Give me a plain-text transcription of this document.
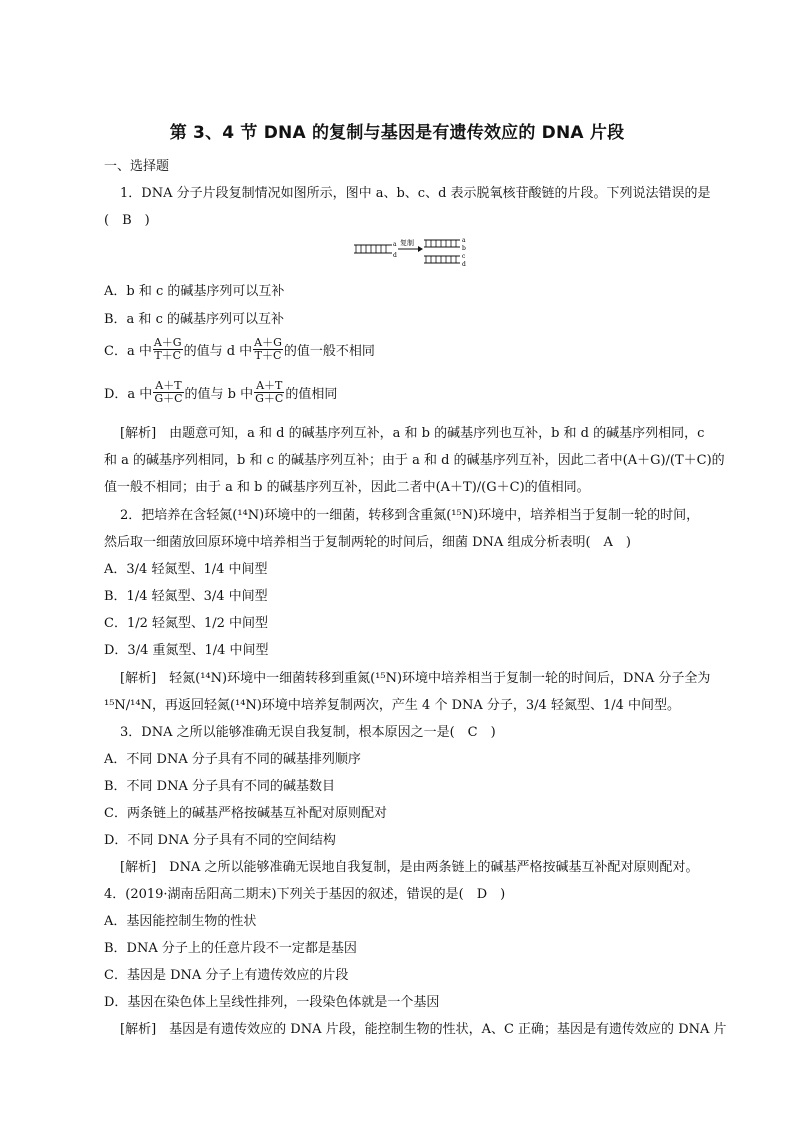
第 3、4 节 DNA 的复制与基因是有遗传效应的 DNA 片段
一、选择题
1．DNA 分子片段复制情况如图所示，图中 a、b、c、d 表示脱氧核苷酸链的片段。下列说法错误的是
(　B　)
a
d
复制	a
b
c
d
A．b 和 c 的碱基序列可以互补
B．a 和 c 的碱基序列可以互补
C．a 中 $\frac{A+G}{T+C}$ 的值与 d 中 $\frac{A+G}{T+C}$ 的值一般不相同
D．a 中 $\frac{A+T}{G+C}$ 的值与 b 中 $\frac{A+T}{G+C}$ 的值相同
[解析]　由题意可知，a 和 d 的碱基序列互补，a 和 b 的碱基序列也互补，b 和 d 的碱基序列相同，c
和 a 的碱基序列相同，b 和 c 的碱基序列互补；由于 a 和 d 的碱基序列互补，因此二者中(A＋G)/(T＋C)的
值一般不相同；由于 a 和 b 的碱基序列互补，因此二者中(A＋T)/(G＋C)的值相同。
2．把培养在含轻氮(¹⁴N)环境中的一细菌，转移到含重氮(¹⁵N)环境中，培养相当于复制一轮的时间，
然后取一细菌放回原环境中培养相当于复制两轮的时间后，细菌 DNA 组成分析表明(　A　)
A．3/4 轻氮型、1/4 中间型
B．1/4 轻氮型、3/4 中间型
C．1/2 轻氮型、1/2 中间型
D．3/4 重氮型、1/4 中间型
[解析]　轻氮(¹⁴N)环境中一细菌转移到重氮(¹⁵N)环境中培养相当于复制一轮的时间后，DNA 分子全为
¹⁵N/¹⁴N，再返回轻氮(¹⁴N)环境中培养复制两次，产生 4 个 DNA 分子，3/4 轻氮型、1/4 中间型。
3．DNA 之所以能够准确无误自我复制，根本原因之一是(　C　)
A．不同 DNA 分子具有不同的碱基排列顺序
B．不同 DNA 分子具有不同的碱基数目
C．两条链上的碱基严格按碱基互补配对原则配对
D．不同 DNA 分子具有不同的空间结构
[解析]　DNA 之所以能够准确无误地自我复制，是由两条链上的碱基严格按碱基互补配对原则配对。
4．(2019·湖南岳阳高二期末)下列关于基因的叙述，错误的是(　D　)
A．基因能控制生物的性状
B．DNA 分子上的任意片段不一定都是基因
C．基因是 DNA 分子上有遗传效应的片段
D．基因在染色体上呈线性排列，一段染色体就是一个基因
[解析]　基因是有遗传效应的 DNA 片段，能控制生物的性状，A、C 正确；基因是有遗传效应的 DNA 片
